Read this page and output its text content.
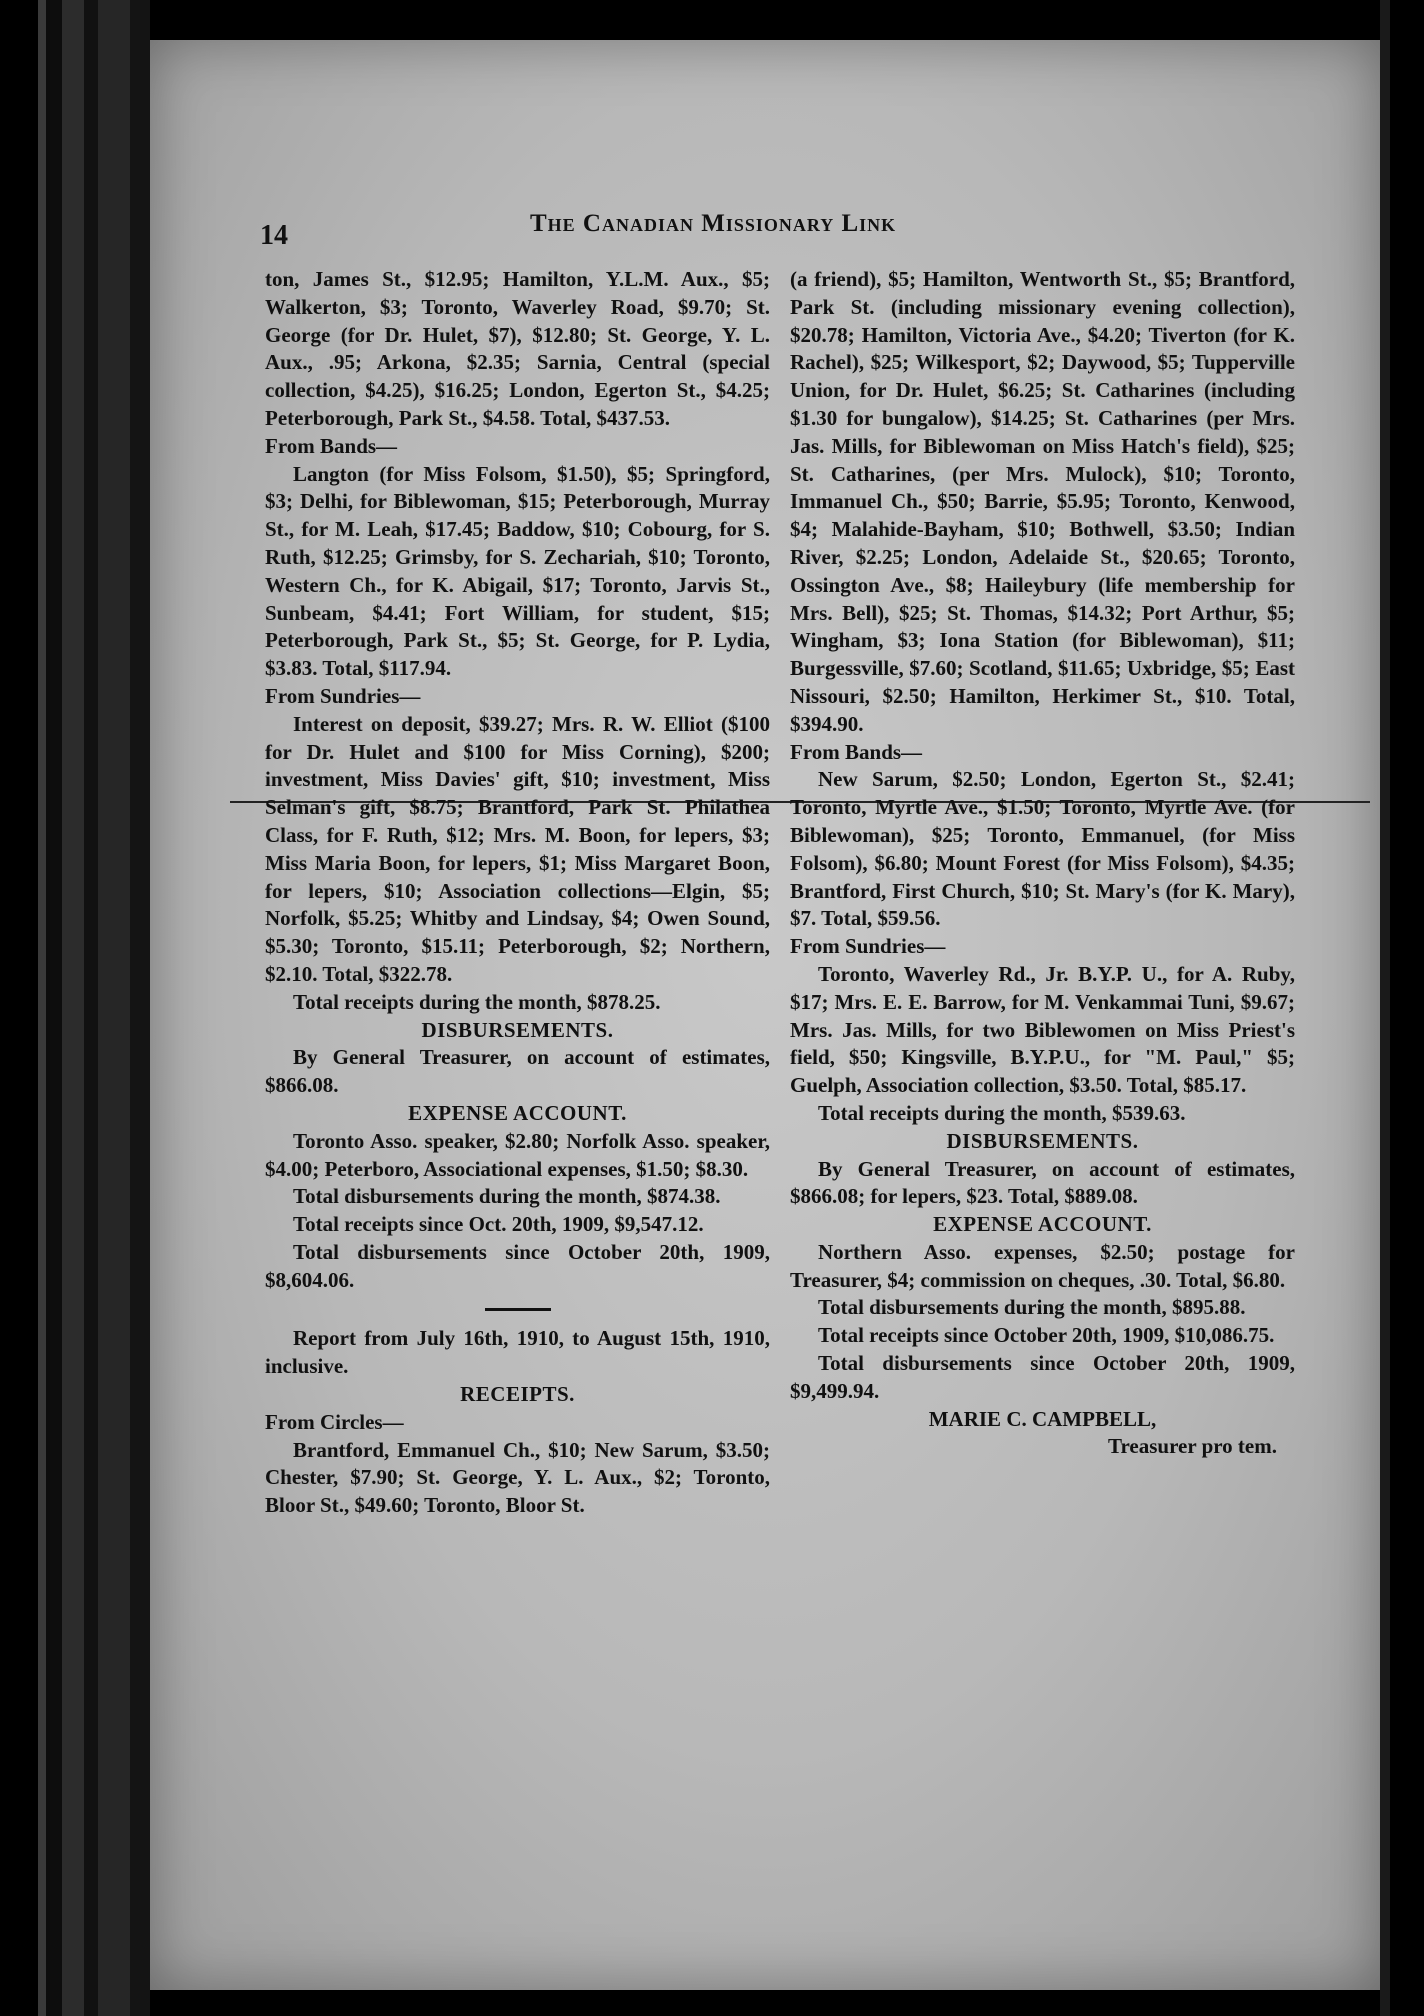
14	The Canadian Missionary Link

ton, James St., $12.95; Hamilton, Y.L.M. Aux., $5; Walkerton, $3; Toronto, Waverley Road, $9.70; St. George (for Dr. Hulet, $7), $12.80; St. George, Y. L. Aux., .95; Arkona, $2.35; Sarnia, Central (special collection, $4.25), $16.25; London, Egerton St., $4.25; Peterborough, Park St., $4.58. Total, $437.53.

From Bands—

Langton (for Miss Folsom, $1.50), $5; Springford, $3; Delhi, for Biblewoman, $15; Peterborough, Murray St., for M. Leah, $17.45; Baddow, $10; Cobourg, for S. Ruth, $12.25; Grimsby, for S. Zechariah, $10; Toronto, Western Ch., for K. Abigail, $17; Toronto, Jarvis St., Sunbeam, $4.41; Fort William, for student, $15; Peterborough, Park St., $5; St. George, for P. Lydia, $3.83. Total, $117.94.

From Sundries—

Interest on deposit, $39.27; Mrs. R. W. Elliot ($100 for Dr. Hulet and $100 for Miss Corning), $200; investment, Miss Davies' gift, $10; investment, Miss Selman's gift, $8.75; Brantford, Park St. Philathea Class, for F. Ruth, $12; Mrs. M. Boon, for lepers, $3; Miss Maria Boon, for lepers, $1; Miss Margaret Boon, for lepers, $10; Association collections—Elgin, $5; Norfolk, $5.25; Whitby and Lindsay, $4; Owen Sound, $5.30; Toronto, $15.11; Peterborough, $2; Northern, $2.10. Total, $322.78.

Total receipts during the month, $878.25.

DISBURSEMENTS.

By General Treasurer, on account of estimates, $866.08.

EXPENSE ACCOUNT.

Toronto Asso. speaker, $2.80; Norfolk Asso. speaker, $4.00; Peterboro, Associational expenses, $1.50; $8.30.

Total disbursements during the month, $874.38.

Total receipts since Oct. 20th, 1909, $9,547.12.

Total disbursements since October 20th, 1909, $8,604.06.

Report from July 16th, 1910, to August 15th, 1910, inclusive.

RECEIPTS.

From Circles—

Brantford, Emmanuel Ch., $10; New Sarum, $3.50; Chester, $7.90; St. George, Y. L. Aux., $2; Toronto, Bloor St., $49.60; Toronto, Bloor St.

(a friend), $5; Hamilton, Wentworth St., $5; Brantford, Park St. (including missionary evening collection), $20.78; Hamilton, Victoria Ave., $4.20; Tiverton (for K. Rachel), $25; Wilkesport, $2; Daywood, $5; Tupperville Union, for Dr. Hulet, $6.25; St. Catharines (including $1.30 for bungalow), $14.25; St. Catharines (per Mrs. Jas. Mills, for Biblewoman on Miss Hatch's field), $25; St. Catharines, (per Mrs. Mulock), $10; Toronto, Immanuel Ch., $50; Barrie, $5.95; Toronto, Kenwood, $4; Malahide-Bayham, $10; Bothwell, $3.50; Indian River, $2.25; London, Adelaide St., $20.65; Toronto, Ossington Ave., $8; Haileybury (life membership for Mrs. Bell), $25; St. Thomas, $14.32; Port Arthur, $5; Wingham, $3; Iona Station (for Biblewoman), $11; Burgessville, $7.60; Scotland, $11.65; Uxbridge, $5; East Nissouri, $2.50; Hamilton, Herkimer St., $10. Total, $394.90.

From Bands—

New Sarum, $2.50; London, Egerton St., $2.41; Toronto, Myrtle Ave., $1.50; Toronto, Myrtle Ave. (for Biblewoman), $25; Toronto, Emmanuel, (for Miss Folsom), $6.80; Mount Forest (for Miss Folsom), $4.35; Brantford, First Church, $10; St. Mary's (for K. Mary), $7. Total, $59.56.

From Sundries—

Toronto, Waverley Rd., Jr. B.Y.P. U., for A. Ruby, $17; Mrs. E. E. Barrow, for M. Venkammai Tuni, $9.67; Mrs. Jas. Mills, for two Biblewomen on Miss Priest's field, $50; Kingsville, B.Y.P.U., for "M. Paul," $5; Guelph, Association collection, $3.50. Total, $85.17.

Total receipts during the month, $539.63.

DISBURSEMENTS.

By General Treasurer, on account of estimates, $866.08; for lepers, $23. Total, $889.08.

EXPENSE ACCOUNT.

Northern Asso. expenses, $2.50; postage for Treasurer, $4; commission on cheques, .30. Total, $6.80.

Total disbursements during the month, $895.88.

Total receipts since October 20th, 1909, $10,086.75.

Total disbursements since October 20th, 1909, $9,499.94.

MARIE C. CAMPBELL,

Treasurer pro tem.
